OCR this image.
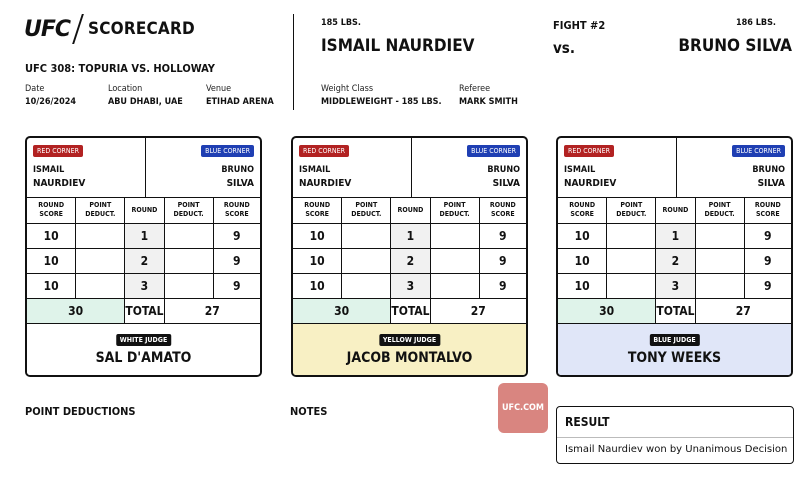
UFC SCORECARD
UFC 308: TOPURIA VS. HOLLOWAY
Date
10/26/2024
Location
ABU DHABI, UAE
Venue
ETIHAD ARENA
185 LBS.
ISMAIL NAURDIEV
FIGHT #2
vs.
186 LBS.
BRUNO SILVA
Weight Class
MIDDLEWEIGHT - 185 LBS.
Referee
MARK SMITH
RED CORNER	BLUE CORNER
ISMAIL
NAURDIEV
BRUNO
SILVA
ROUND SCORE	POINT DEDUCT.	ROUND	POINT DEDUCT.	ROUND SCORE
10		1		9
10		2		9
10		3		9
30		TOTAL	27	
WHITE JUDGE
SAL D'AMATO
RED CORNER	BLUE CORNER
ISMAIL
NAURDIEV
BRUNO
SILVA
ROUND SCORE	POINT DEDUCT.	ROUND	POINT DEDUCT.	ROUND SCORE
10		1		9
10		2		9
10		3		9
30		TOTAL	27	
YELLOW JUDGE
JACOB MONTALVO
RED CORNER	BLUE CORNER
ISMAIL
NAURDIEV
BRUNO
SILVA
ROUND SCORE	POINT DEDUCT.	ROUND	POINT DEDUCT.	ROUND SCORE
10		1		9
10		2		9
10		3		9
30		TOTAL	27	
BLUE JUDGE
TONY WEEKS
POINT DEDUCTIONS	NOTES	UFC.COM
RESULT
Ismail Naurdiev won by Unanimous Decision
